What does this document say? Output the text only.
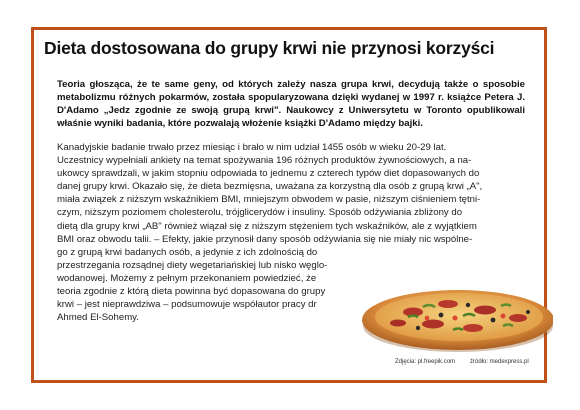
Dieta dostosowana do grupy krwi nie przynosi korzyści
Teoria głosząca, że te same geny, od których zależy nasza grupa krwi, decydują także o sposobie metabolizmu różnych pokarmów, została spopularyzowana dzięki wydanej w 1997 r. książce Petera J. D'Adamo „Jedz zgodnie ze swoją grupą krwi". Naukowcy z Uniwersytetu w Toronto opublikowali właśnie wyniki badania, które pozwalają włożenie książki D'Adamo między bajki.
Kanadyjskie badanie trwało przez miesiąc i brało w nim udział 1455 osób w wieku 20-29 lat.
Uczestnicy wypełniali ankiety na temat spożywania 196 różnych produktów żywnościowych, a na-
ukowcy sprawdzali, w jakim stopniu odpowiada to jednemu z czterech typów diet dopasowanych do
danej grupy krwi. Okazało się, że dieta bezmięsna, uważana za korzystną dla osób z grupą krwi „A",
miała związek z niższym wskaźnikiem BMI, mniejszym obwodem w pasie, niższym ciśnieniem tętni-
czym, niższym poziomem cholesterolu, trójglicerydów i insuliny. Sposób odżywiania zbliżony do
dietą dla grupy krwi „AB" również wiązał się z niższym stężeniem tych wskaźników, ale z wyjątkiem
BMI oraz obwodu talii. – Efekty, jakie przynosił dany sposób odżywiania się nie miały nic wspólne-
go z grupą krwi badanych osób, a jedynie z ich zdolnością do
przestrzegania rozsądnej diety wegetariańskiej lub nisko węglo-
wodanowej. Możemy z pełnym przekonaniem powiedzieć, że
teoria zgodnie z którą dieta powinna być dopasowana do grupy
krwi – jest nieprawdziwa – podsumowuje współautor pracy dr
Ahmed El-Sohemy.
Zdjęcia: pl.freepik.com źródło: medexpress.pl
